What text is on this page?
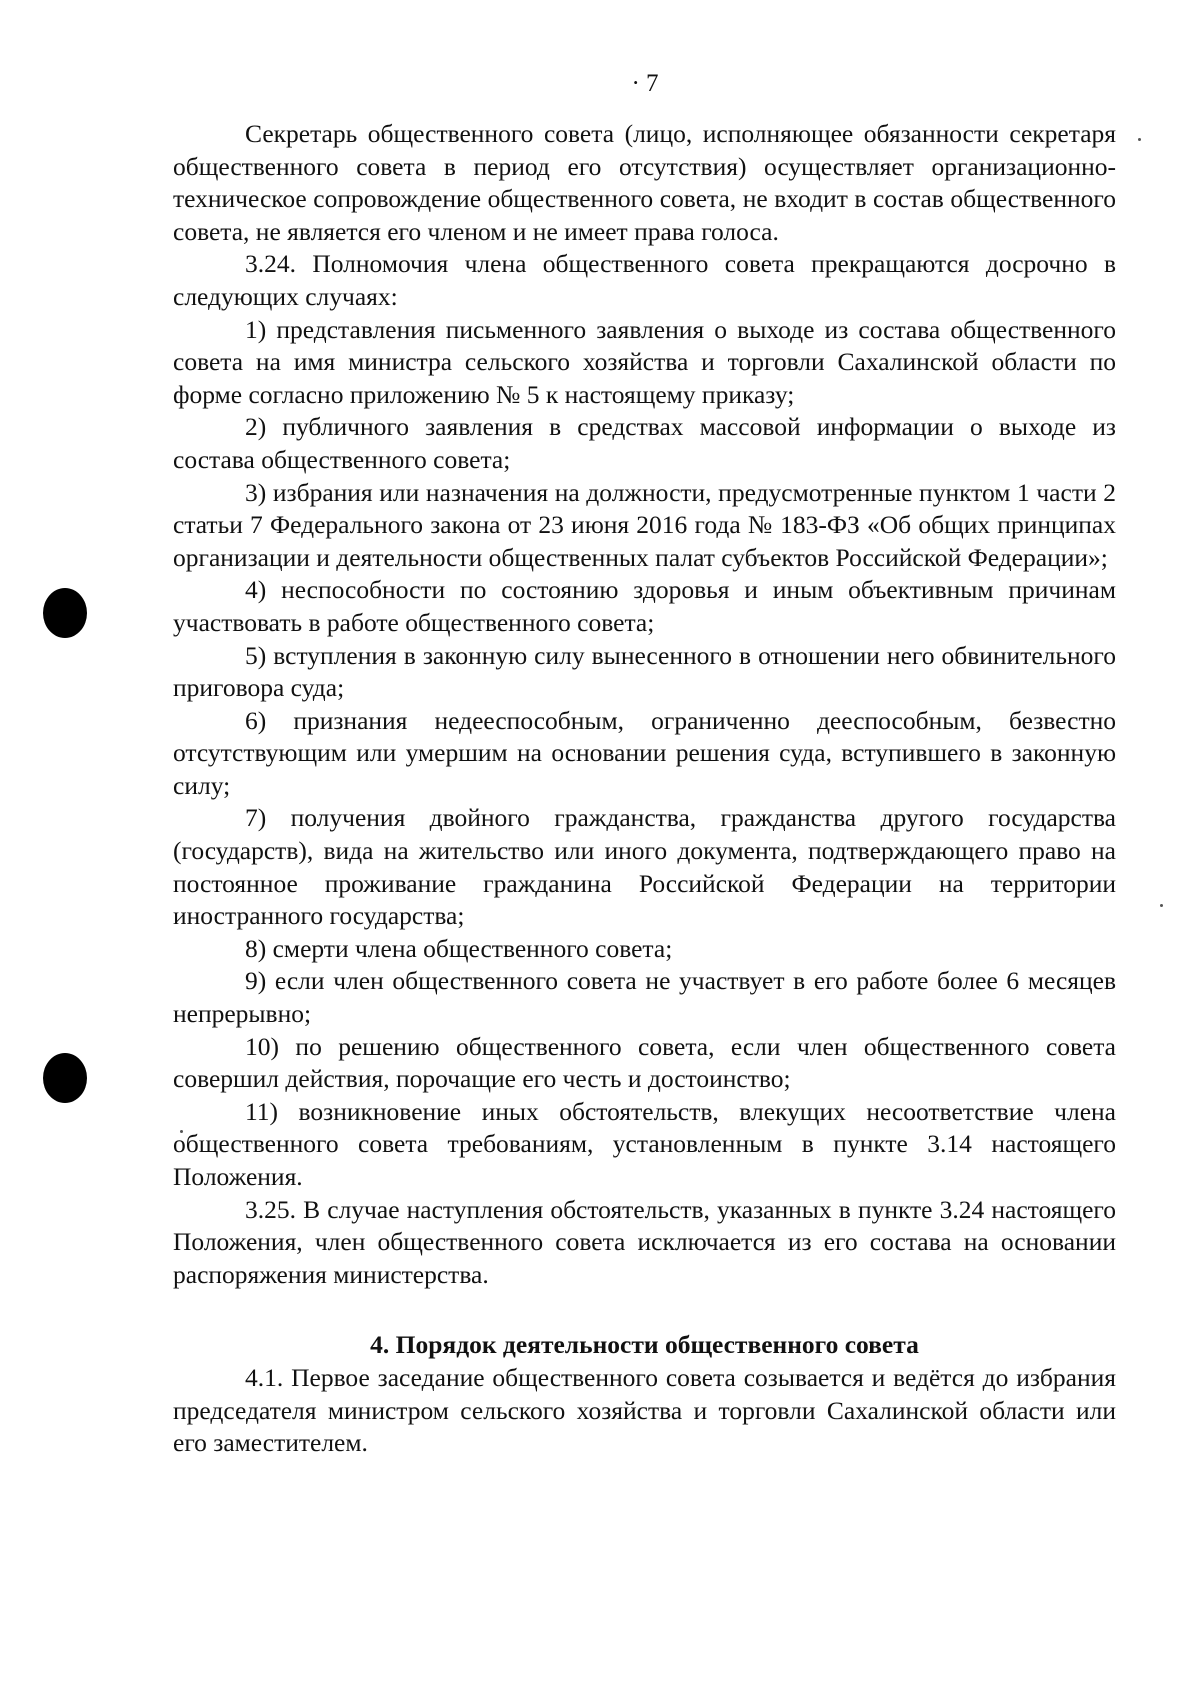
· 7

Секретарь общественного совета (лицо, исполняющее обязанности секретаря общественного совета в период его отсутствия) осуществляет организационно-техническое сопровождение общественного совета, не входит в состав общественного совета, не является его членом и не имеет права голоса.

3.24. Полномочия члена общественного совета прекращаются досрочно в следующих случаях:

1) представления письменного заявления о выходе из состава общественного совета на имя министра сельского хозяйства и торговли Сахалинской области по форме согласно приложению № 5 к настоящему приказу;

2) публичного заявления в средствах массовой информации о выходе из состава общественного совета;

3) избрания или назначения на должности, предусмотренные пунктом 1 части 2 статьи 7 Федерального закона от 23 июня 2016 года № 183-ФЗ «Об общих принципах организации и деятельности общественных палат субъектов Российской Федерации»;

4) неспособности по состоянию здоровья и иным объективным причинам участвовать в работе общественного совета;

5) вступления в законную силу вынесенного в отношении него обвинительного приговора суда;

6) признания недееспособным, ограниченно дееспособным, безвестно отсутствующим или умершим на основании решения суда, вступившего в законную силу;

7) получения двойного гражданства, гражданства другого государства (государств), вида на жительство или иного документа, подтверждающего право на постоянное проживание гражданина Российской Федерации на территории иностранного государства;

8) смерти члена общественного совета;

9) если член общественного совета не участвует в его работе более 6 месяцев непрерывно;

10) по решению общественного совета, если член общественного совета совершил действия, порочащие его честь и достоинство;

11) возникновение иных обстоятельств, влекущих несоответствие члена общественного совета требованиям, установленным в пункте 3.14 настоящего Положения.

3.25. В случае наступления обстоятельств, указанных в пункте 3.24 настоящего Положения, член общественного совета исключается из его состава на основании распоряжения министерства.

4. Порядок деятельности общественного совета

4.1. Первое заседание общественного совета созывается и ведётся до избрания председателя министром сельского хозяйства и торговли Сахалинской области или его заместителем.
